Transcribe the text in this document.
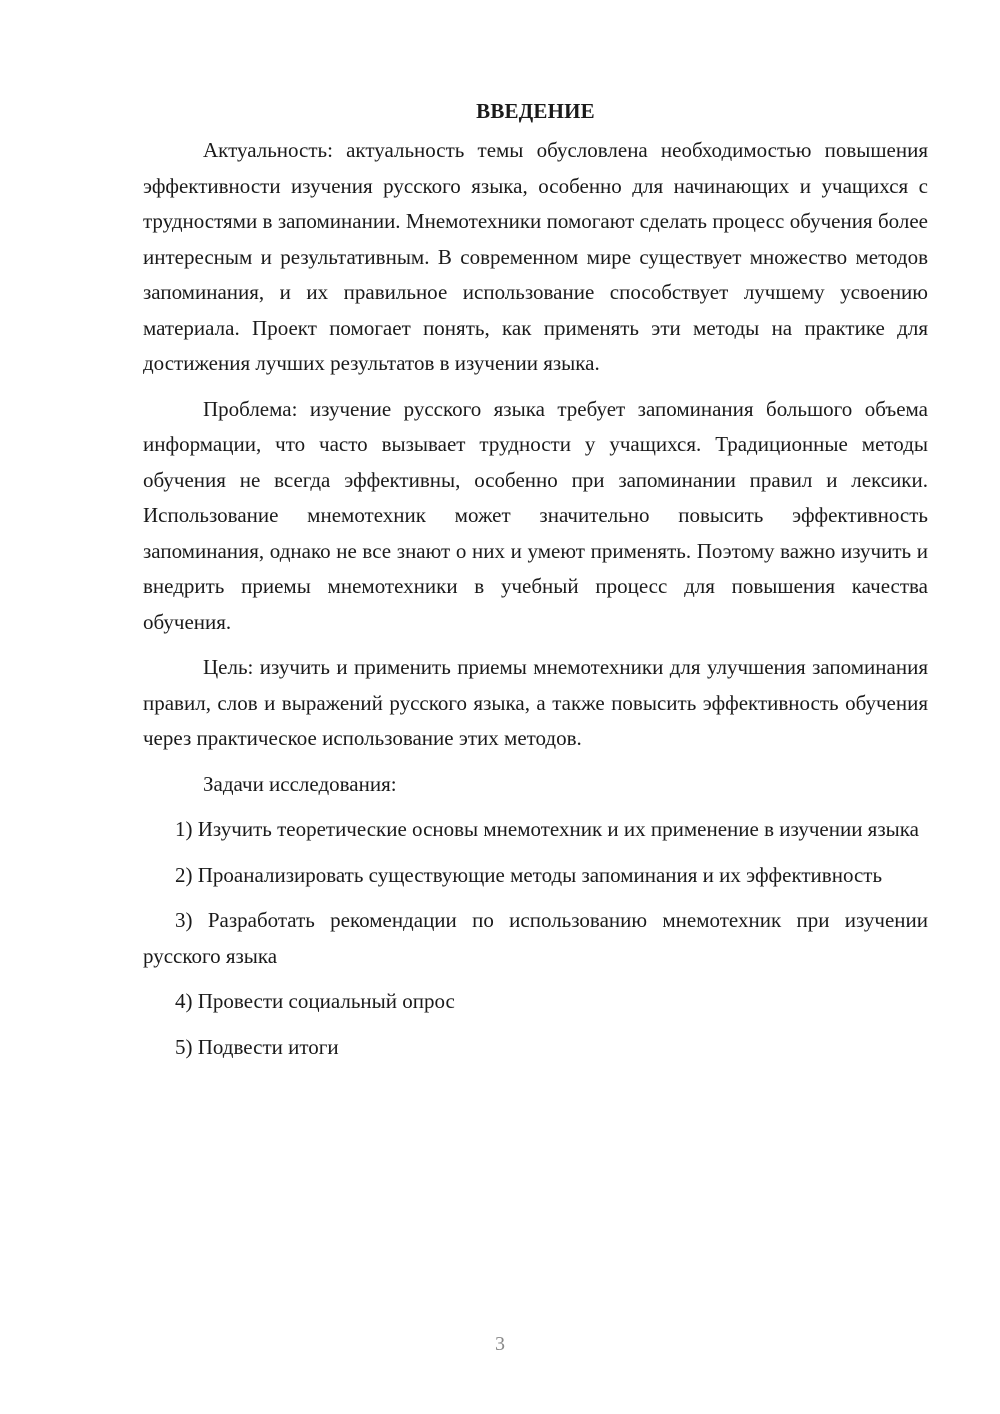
ВВЕДЕНИЕ

Актуальность: актуальность темы обусловлена необходимостью повышения эффективности изучения русского языка, особенно для начинающих и учащихся с трудностями в запоминании. Мнемотехники помогают сделать процесс обучения более интересным и результативным. В современном мире существует множество методов запоминания, и их правильное использование способствует лучшему усвоению материала. Проект помогает понять, как применять эти методы на практике для достижения лучших результатов в изучении языка.

Проблема: изучение русского языка требует запоминания большого объема информации, что часто вызывает трудности у учащихся. Традиционные методы обучения не всегда эффективны, особенно при запоминании правил и лексики. Использование мнемотехник может значительно повысить эффективность запоминания, однако не все знают о них и умеют применять. Поэтому важно изучить и внедрить приемы мнемотехники в учебный процесс для повышения качества обучения.

Цель: изучить и применить приемы мнемотехники для улучшения запоминания правил, слов и выражений русского языка, а также повысить эффективность обучения через практическое использование этих методов.

Задачи исследования:

1) Изучить теоретические основы мнемотехник и их применение в изучении языка

2) Проанализировать существующие методы запоминания и их эффективность

3) Разработать рекомендации по использованию мнемотехник при изучении русского языка

4) Провести социальный опрос

5) Подвести итоги

3
